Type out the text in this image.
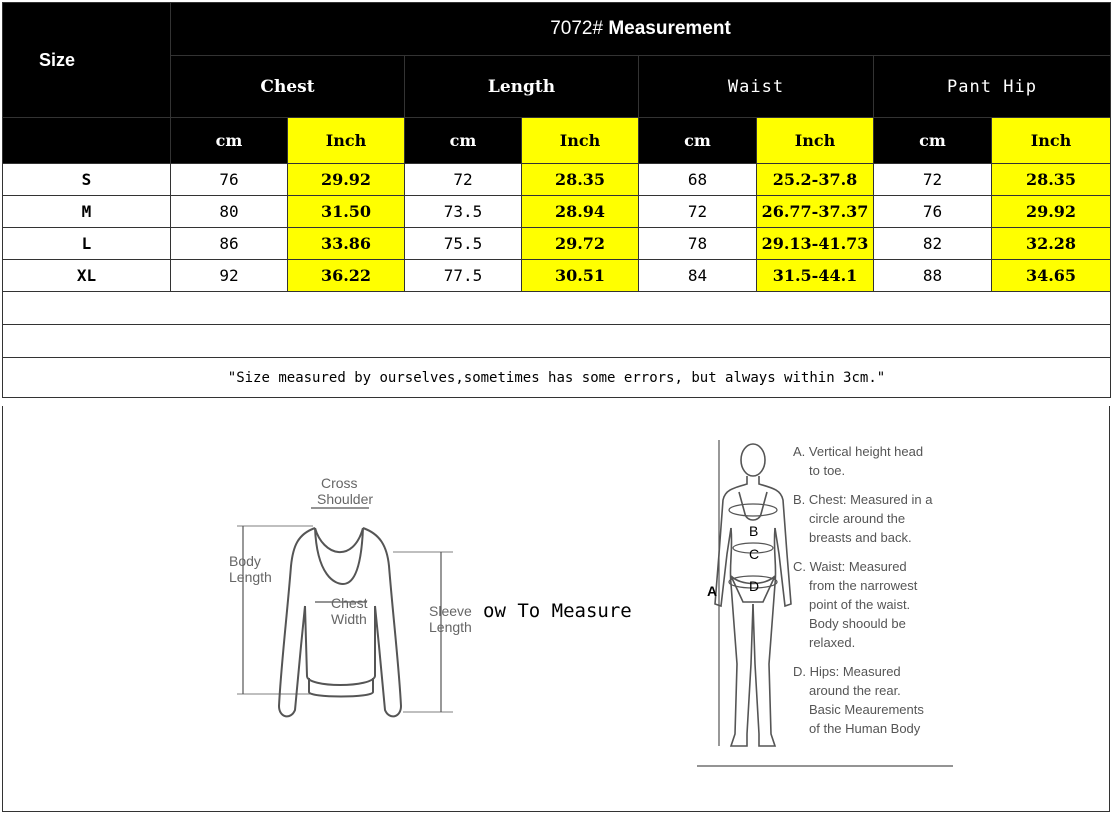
Size	7072# Measurement							
	Chest		Length		Waist		Pant Hip	
	cm	Inch	cm	Inch	cm	Inch	cm	Inch
S	76	29.92	72	28.35	68	25.2-37.8	72	28.35
M	80	31.50	73.5	28.94	72	26.77-37.37	76	29.92
L	86	33.86	75.5	29.72	78	29.13-41.73	82	32.28
XL	92	36.22	77.5	30.51	84	31.5-44.1	88	34.65

"Size measured by ourselves,sometimes has some errors, but always within 3cm."								
Cross
Shoulder
Body
Length
Chest
Width	Sleeve
Length
ow To Measure
B
C
D
A
A. Vertical height head
to toe.
B. Chest: Measured in a
circle around the
breasts and back.
C. Waist: Measured
from the narrowest
point of the waist.
Body shoould be
relaxed.
D. Hips: Measured
around the rear.
Basic Meaurements
of the Human Body
